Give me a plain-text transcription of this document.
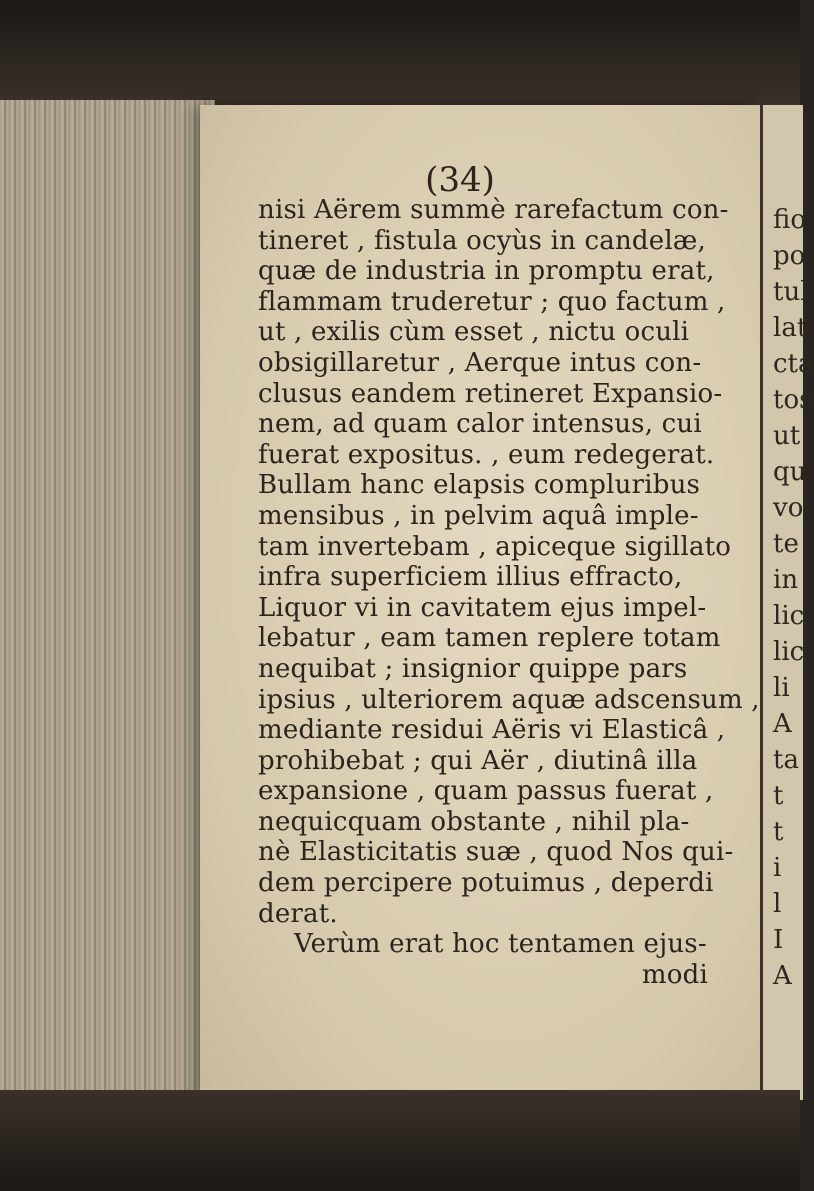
fio
po
tul
lat
cta
tos
ut
qu
vo
te
in
lic
lic
li
A
ta
t
t
i
l
I
A
(34)
nisi Aërem summè rarefactum con-
tineret , fistula ocyùs in candelæ,
quæ de industria in promptu erat,
flammam truderetur ; quo factum ,
ut , exilis cùm esset , nictu oculi
obsigillaretur , Aerque intus con-
clusus eandem retineret Expansio-
nem, ad quam calor intensus, cui
fuerat expositus. , eum redegerat.
Bullam hanc elapsis compluribus
mensibus , in pelvim aquâ imple-
tam invertebam , apiceque sigillato
infra superficiem illius effracto,
Liquor vi in cavitatem ejus impel-
lebatur , eam tamen replere totam
nequibat ; insignior quippe pars
ipsius , ulteriorem aquæ adscensum ,
mediante residui Aëris vi Elasticâ ,
prohibebat ; qui Aër , diutinâ illa
expansione , quam passus fuerat ,
nequicquam obstante , nihil pla-
nè Elasticitatis suæ , quod Nos qui-
dem percipere potuimus , deperdi
derat.
Verùm erat hoc tentamen ejus-
modi
